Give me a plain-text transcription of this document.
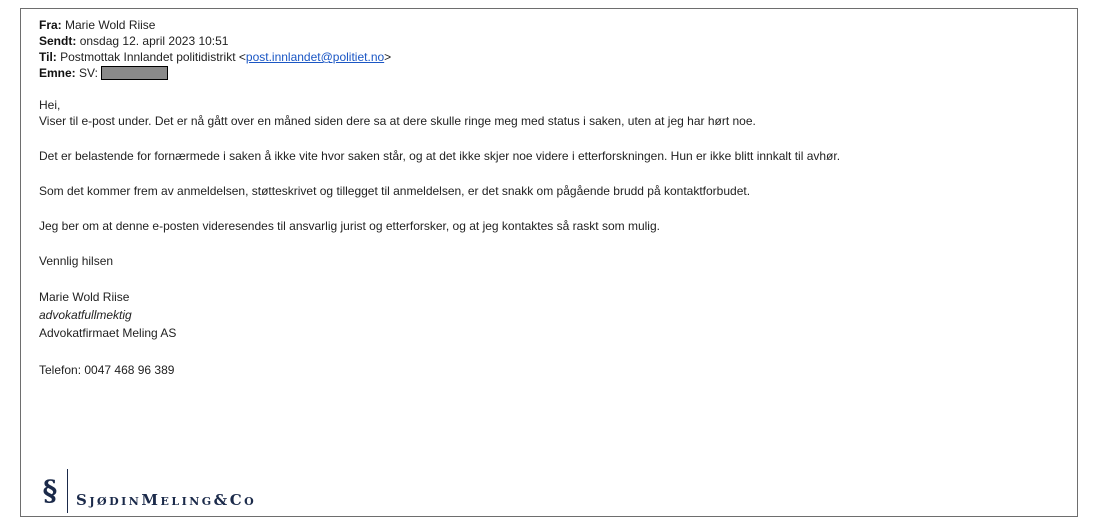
Fra: Marie Wold Riise
Sendt: onsdag 12. april 2023 10:51
Til: Postmottak Innlandet politidistrikt <post.innlandet@politiet.no>
Emne: SV:
Hei,
Viser til e-post under. Det er nå gått over en måned siden dere sa at dere skulle ringe meg med status i saken, uten at jeg har hørt noe.
Det er belastende for fornærmede i saken å ikke vite hvor saken står, og at det ikke skjer noe videre i etterforskningen. Hun er ikke blitt innkalt til avhør.
Som det kommer frem av anmeldelsen, støtteskrivet og tillegget til anmeldelsen, er det snakk om pågående brudd på kontaktforbudet.
Jeg ber om at denne e-posten videresendes til ansvarlig jurist og etterforsker, og at jeg kontaktes så raskt som mulig.
Vennlig hilsen
Marie Wold Riise
advokatfullmektig
Advokatfirmaet Meling AS
Telefon: 0047 468 96 389
§ SjødinMeling&Co
